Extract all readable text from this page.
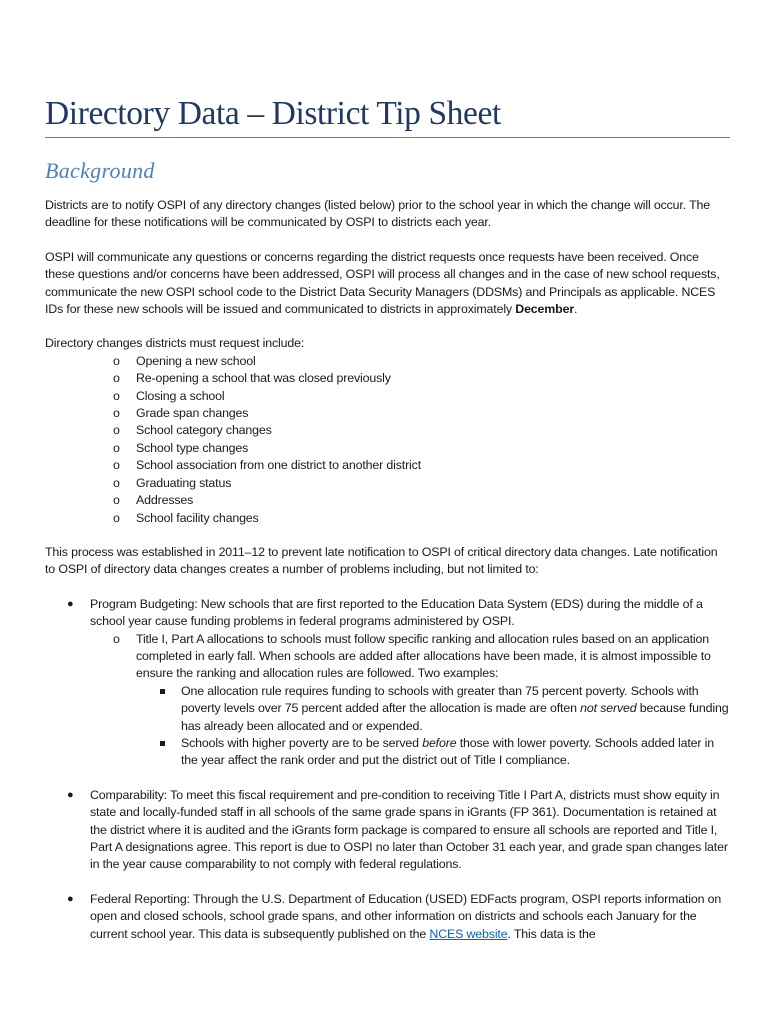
Directory Data – District Tip Sheet
Background

Districts are to notify OSPI of any directory changes (listed below) prior to the school year in which the change will occur. The deadline for these notifications will be communicated by OSPI to districts each year.

OSPI will communicate any questions or concerns regarding the district requests once requests have been received. Once these questions and/or concerns have been addressed, OSPI will process all changes and in the case of new school requests, communicate the new OSPI school code to the District Data Security Managers (DDSMs) and Principals as applicable. NCES IDs for these new schools will be issued and communicated to districts in approximately December.

Directory changes districts must request include:

o Opening a new school
o Re-opening a school that was closed previously
o Closing a school
o Grade span changes
o School category changes
o School type changes
o School association from one district to another district
o Graduating status
o Addresses
o School facility changes

This process was established in 2011–12 to prevent late notification to OSPI of critical directory data changes. Late notification to OSPI of directory data changes creates a number of problems including, but not limited to:

● Program Budgeting: New schools that are first reported to the Education Data System (EDS) during the middle of a school year cause funding problems in federal programs administered by OSPI.
o Title I, Part A allocations to schools must follow specific ranking and allocation rules based on an application completed in early fall. When schools are added after allocations have been made, it is almost impossible to ensure the ranking and allocation rules are followed. Two examples:
One allocation rule requires funding to schools with greater than 75 percent poverty. Schools with poverty levels over 75 percent added after the allocation is made are often not served because funding has already been allocated and or expended.
Schools with higher poverty are to be served before those with lower poverty. Schools added later in the year affect the rank order and put the district out of Title I compliance.
● Comparability: To meet this fiscal requirement and pre-condition to receiving Title I Part A, districts must show equity in state and locally-funded staff in all schools of the same grade spans in iGrants (FP 361). Documentation is retained at the district where it is audited and the iGrants form package is compared to ensure all schools are reported and Title I, Part A designations agree. This report is due to OSPI no later than October 31 each year, and grade span changes later in the year cause comparability to not comply with federal regulations.
● Federal Reporting: Through the U.S. Department of Education (USED) EDFacts program, OSPI reports information on open and closed schools, school grade spans, and other information on districts and schools each January for the current school year. This data is subsequently published on the NCES website. This data is the
